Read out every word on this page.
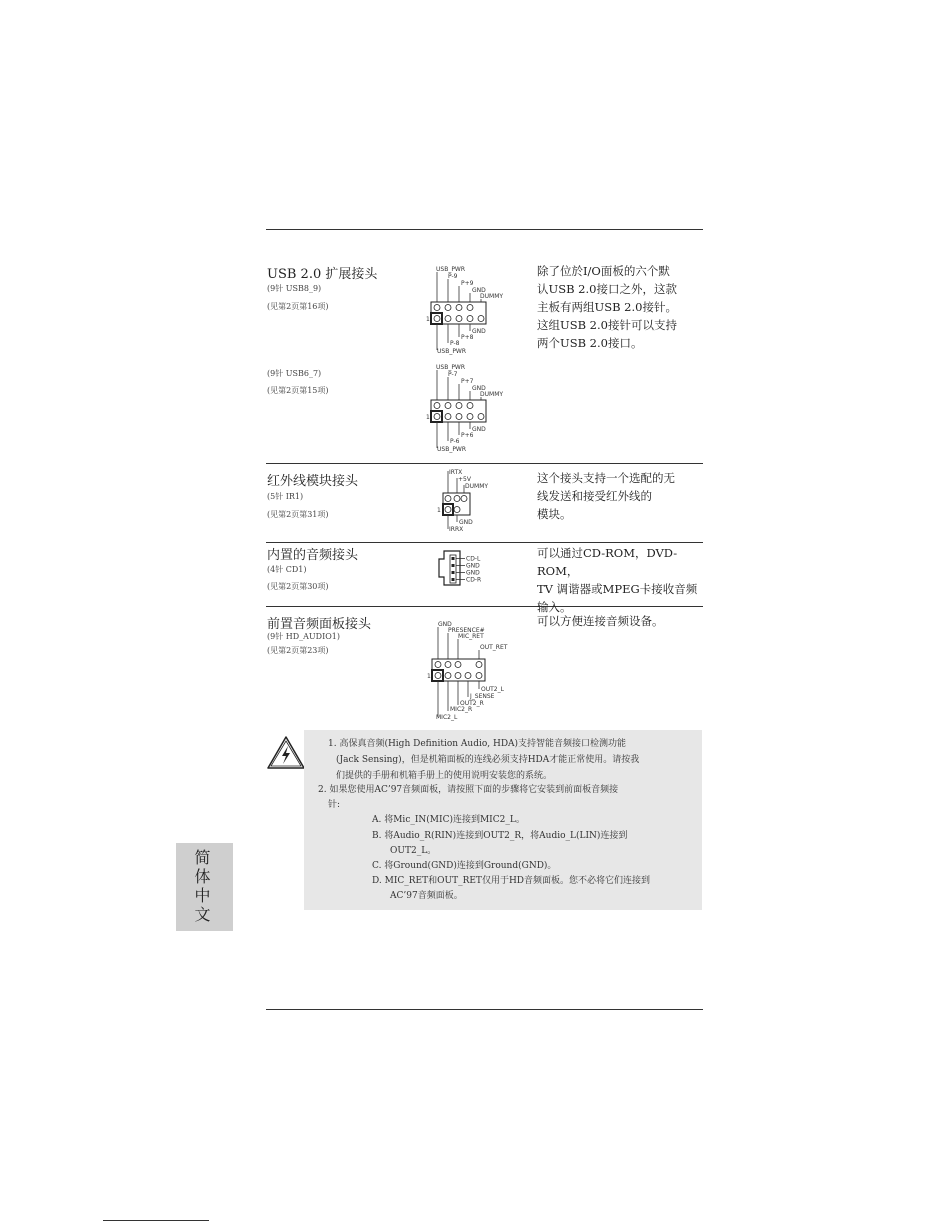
USB 2.0 扩展接头
(9针 USB8_9)
(见第2页第16项)
(9针 USB6_7)
(见第2页第15项)
除了位於I/O面板的六个默
认USB 2.0接口之外，这款
主板有两组USB 2.0接针。
这组USB 2.0接针可以支持
两个USB 2.0接口。
USB_PWR
P-9
P+9
GND
DUMMY
1
GND
P+8
P-8
USB_PWR
USB_PWR
P-7
P+7
GND
DUMMY
1
GND
P+6
P-6
USB_PWR
红外线模块接头
(5针 IR1)
(见第2页第31项)
这个接头支持一个选配的无
线发送和接受红外线的
模块。
IRTX
+5V
DUMMY
1
GND
IRRX
内置的音频接头
(4针 CD1)
(见第2页第30项)
可以通过CD-ROM，DVD-ROM，
TV 调谐器或MPEG卡接收音频
输入。
CD-L
GND
GND
CD-R
前置音频面板接头
(9针 HD_AUDIO1)
(见第2页第23项)
可以方便连接音频设备。
GND
PRESENCE#
MIC_RET
OUT_RET
1
OUT2_L
J_SENSE
OUT2_R
MIC2_R
MIC2_L
1. 高保真音频(High Definition Audio, HDA)支持智能音频接口检测功能
(Jack Sensing)，但是机箱面板的连线必须支持HDA才能正常使用。请按我
们提供的手册和机箱手册上的使用说明安装您的系统。
2. 如果您使用AC’97音频面板，请按照下面的步骤将它安装到前面板音频接
针:
A. 将Mic_IN(MIC)连接到MIC2_L。
B. 将Audio_R(RIN)连接到OUT2_R，将Audio_L(LIN)连接到
OUT2_L。
C. 将Ground(GND)连接到Ground(GND)。
D. MIC_RET和OUT_RET仅用于HD音频面板。您不必将它们连接到
AC’97音频面板。
简体中文
